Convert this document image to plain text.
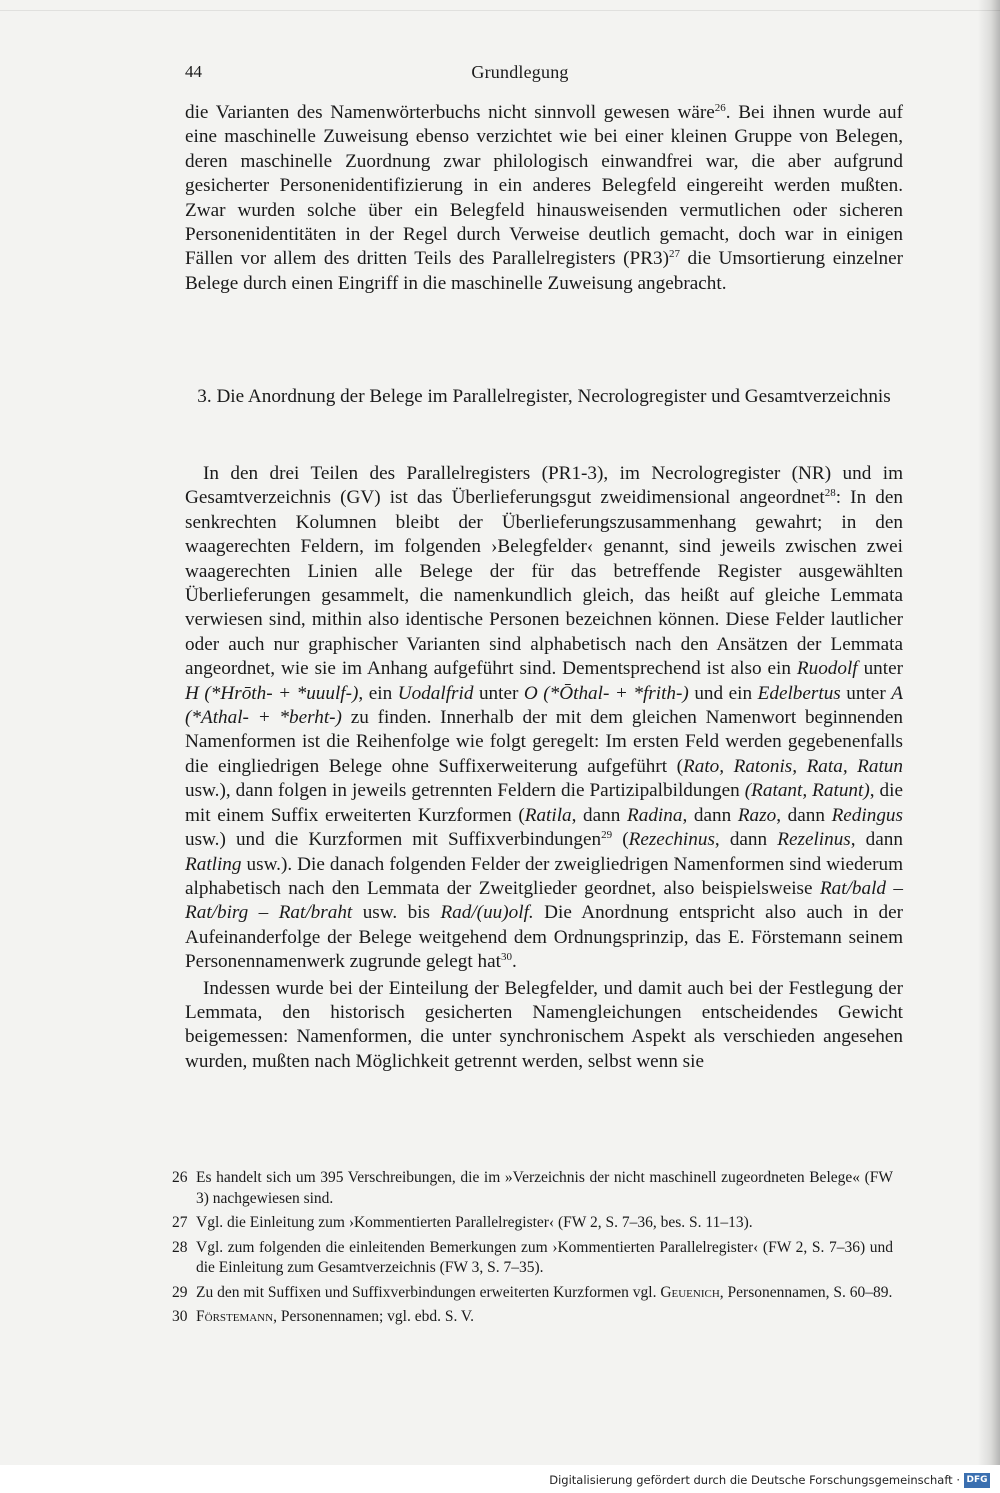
44	Grundlegung

die Varianten des Namenwörterbuchs nicht sinnvoll gewesen wäre$^{26}$. Bei ihnen wurde auf eine maschinelle Zuweisung ebenso verzichtet wie bei einer kleinen Gruppe von Belegen, deren maschinelle Zuordnung zwar philologisch einwandfrei war, die aber aufgrund gesicherter Personenidentifizierung in ein anderes Belegfeld eingereiht werden mußten. Zwar wurden solche über ein Belegfeld hinausweisenden vermutlichen oder sicheren Personenidentitäten in der Regel durch Verweise deutlich gemacht, doch war in einigen Fällen vor allem des dritten Teils des Parallelregisters $(PR3)^{27}$ die Umsortierung einzelner Belege durch einen Eingriff in die maschinelle Zuweisung angebracht.

3. Die Anordnung der Belege im Parallelregister, Necrologregister und Gesamtverzeichnis

In den drei Teilen des Parallelregisters (PR1-3), im Necrologregister (NR) und im Gesamtverzeichnis (GV) ist das Überlieferungsgut zweidimensional angeordnet$^{28}$: In den senkrechten Kolumnen bleibt der Überlieferungszusammenhang gewahrt; in den waagerechten Feldern, im folgenden ›Belegfelder‹ genannt, sind jeweils zwischen zwei waagerechten Linien alle Belege der für das betreffende Register ausgewählten Überlieferungen gesammelt, die namenkundlich gleich, das heißt auf gleiche Lemmata verwiesen sind, mithin also identische Personen bezeichnen können. Diese Felder lautlicher oder auch nur graphischer Varianten sind alphabetisch nach den Ansätzen der Lemmata angeordnet, wie sie im Anhang aufgeführt sind. Dementsprechend ist also ein Ruodolf unter H (*Hrōth- + *uuulf-), ein Uodalfrid unter O (*Ōthal- + *frith-) und ein Edelbertus unter A (*Athal- + *berht-) zu finden. Innerhalb der mit dem gleichen Namenwort beginnenden Namenformen ist die Reihenfolge wie folgt geregelt: Im ersten Feld werden gegebenenfalls die eingliedrigen Belege ohne Suffixerweiterung aufgeführt (Rato, Ratonis, Rata, Ratun usw.), dann folgen in jeweils getrennten Feldern die Partizipalbildungen (Ratant, Ratunt), die mit einem Suffix erweiterten Kurzformen (Ratila, dann Radina, dann Razo, dann Redingus usw.) und die Kurzformen mit Suffixverbindungen$^{29}$ (Rezechinus, dann Rezelinus, dann Ratling usw.). Die danach folgenden Felder der zweigliedrigen Namenformen sind wiederum alphabetisch nach den Lemmata der Zweitglieder geordnet, also beispielsweise Rat/bald – Rat/birg – Rat/braht usw. bis Rad/(uu)olf. Die Anordnung entspricht also auch in der Aufeinanderfolge der Belege weitgehend dem Ordnungsprinzip, das E. Förstemann seinem Personennamenwerk zugrunde gelegt hat$^{30}$.

Indessen wurde bei der Einteilung der Belegfelder, und damit auch bei der Festlegung der Lemmata, den historisch gesicherten Namengleichungen entscheidendes Gewicht beigemessen: Namenformen, die unter synchronischem Aspekt als verschieden angesehen wurden, mußten nach Möglichkeit getrennt werden, selbst wenn sie

26 Es handelt sich um 395 Verschreibungen, die im »Verzeichnis der nicht maschinell zugeordneten Belege« (FW 3) nachgewiesen sind.
27 Vgl. die Einleitung zum ›Kommentierten Parallelregister‹ (FW 2, S. 7–36, bes. S. 11–13).
28 Vgl. zum folgenden die einleitenden Bemerkungen zum ›Kommentierten Parallelregister‹ (FW 2, S. 7–36) und die Einleitung zum Gesamtverzeichnis (FW 3, S. 7–35).
29 Zu den mit Suffixen und Suffixverbindungen erweiterten Kurzformen vgl. Geuenich, Personennamen, S. 60–89.
30 Förstemann, Personennamen; vgl. ebd. S. V.
Digitalisierung gefördert durch die Deutsche Forschungsgemeinschaft · DFG
